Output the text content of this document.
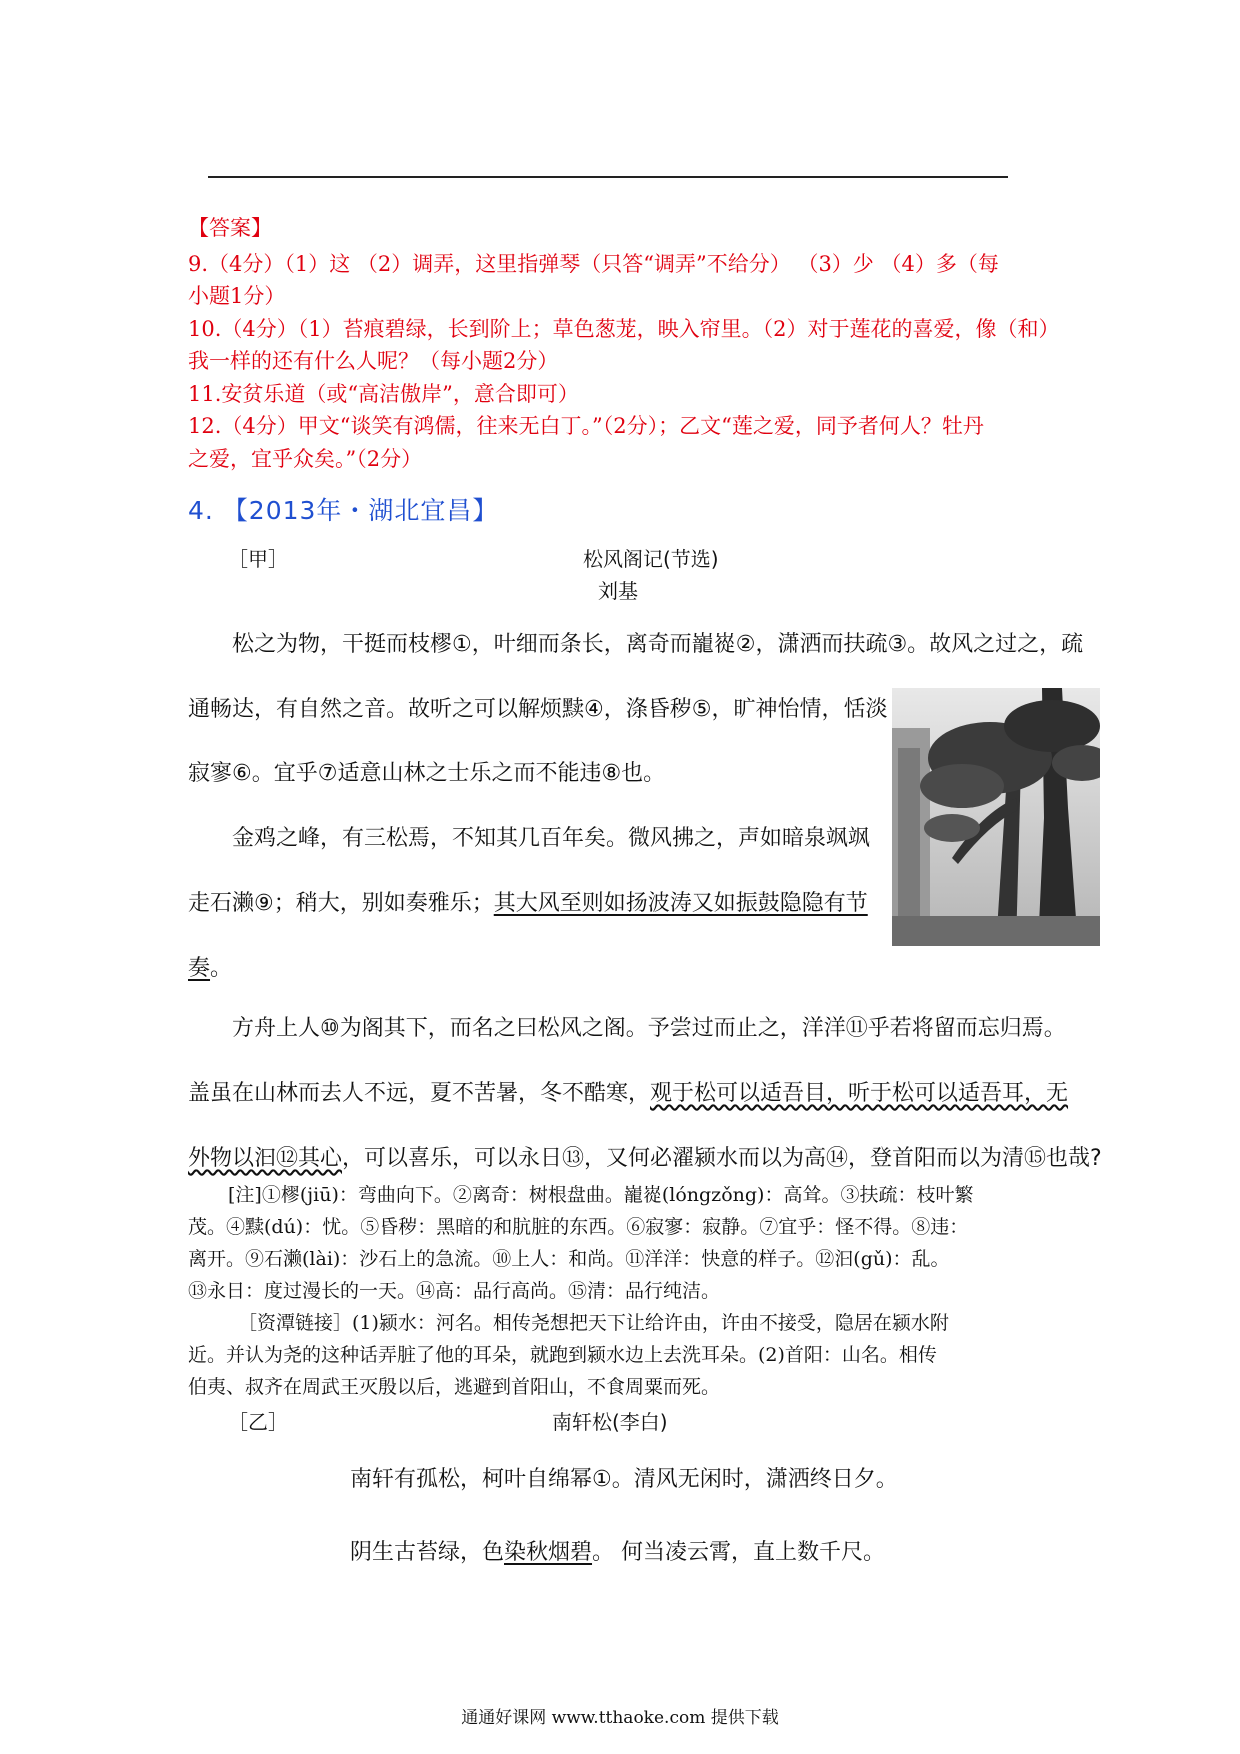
【答案】
9.（4分）（1）这 （2）调弄，这里指弹琴（只答“调弄”不给分） （3）少 （4）多（每
小题1分）
10.（4分）（1）苔痕碧绿，长到阶上；草色葱茏，映入帘里。（2）对于莲花的喜爱，像（和）
我一样的还有什么人呢？（每小题2分）
11.安贫乐道（或“高洁傲岸”，意合即可）
12.（4分）甲文“谈笑有鸿儒，往来无白丁。”（2分）；乙文“莲之爱，同予者何人？牡丹
之爱，宜乎众矣。”（2分）
4. 【2013年・湖北宜昌】
［甲］	松风阁记(节选)
刘基
松之为物，干挺而枝樛①，叶细而条长，离奇而巃嵸②，潇洒而扶疏③。故风之过之，疏
通畅达，有自然之音。故听之可以解烦黩④，涤昏秽⑤，旷神怡情，恬淡
寂寥⑥。宜乎⑦适意山林之士乐之而不能违⑧也。
金鸡之峰，有三松焉，不知其几百年矣。微风拂之，声如暗泉飒飒
走石濑⑨；稍大，别如奏雅乐；其大风至则如扬波涛又如振鼓隐隐有节
奏。
方舟上人⑩为阁其下，而名之曰松风之阁。予尝过而止之，洋洋⑪乎若将留而忘归焉。
盖虽在山林而去人不远，夏不苦暑，冬不酷寒，观于松可以适吾目，听于松可以适吾耳，无
外物以汩⑫其心，可以喜乐，可以永日⑬，又何必濯颍水而以为高⑭，登首阳而以为清⑮也哉?
[注]①樛(jiū)：弯曲向下。②离奇：树根盘曲。巃嵸(lóngzǒng)：高耸。③扶疏：枝叶繁
茂。④黩(dú)：忧。⑤昏秽：黑暗的和肮脏的东西。⑥寂寥：寂静。⑦宜乎：怪不得。⑧违：
离开。⑨石濑(lài)：沙石上的急流。⑩上人：和尚。⑪洋洋：快意的样子。⑫汩(gǔ)：乱。
⑬永日：度过漫长的一天。⑭高：品行高尚。⑮清：品行纯洁。
［资潭链接］(1)颍水：河名。相传尧想把天下让给许由，许由不接受，隐居在颍水附
近。并认为尧的这种话弄脏了他的耳朵，就跑到颍水边上去洗耳朵。(2)首阳：山名。相传
伯夷、叔齐在周武王灭殷以后，逃避到首阳山，不食周粟而死。
［乙］	南轩松(李白)
南轩有孤松，柯叶自绵幂①。清风无闲时，潇洒终日夕。
阴生古苔绿，色染秋烟碧。 何当凌云霄，直上数千尺。
通通好课网 www.tthaoke.com 提供下载
